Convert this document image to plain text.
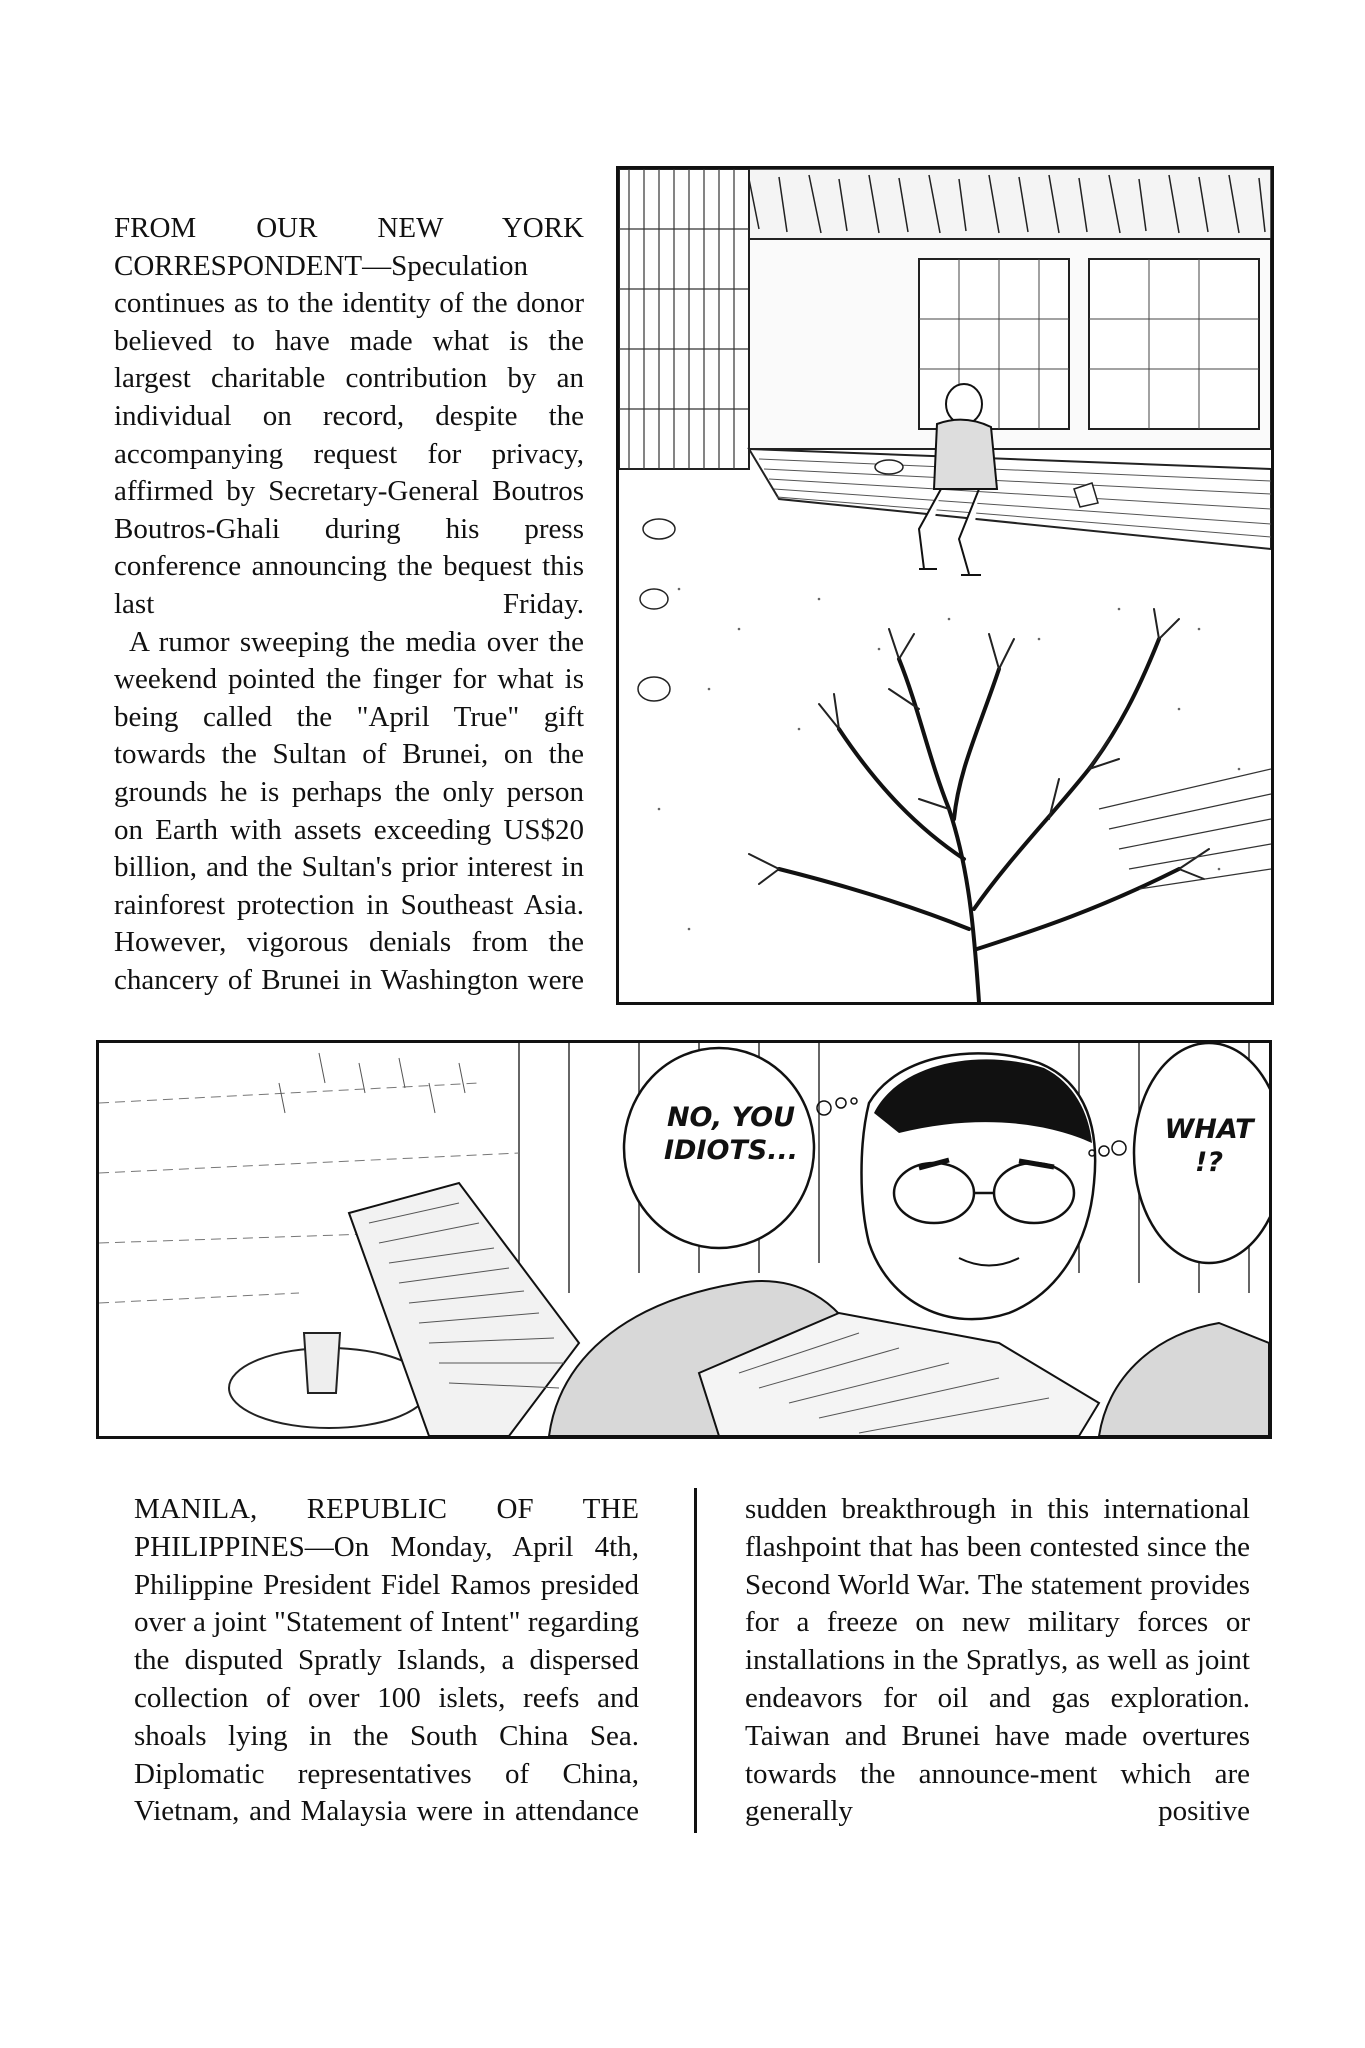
FROM OUR NEW YORK CORRESPONDENT—Speculation continues as to the identity of the donor believed to have made what is the largest charitable contribution by an individual on record, despite the accompanying request for privacy, affirmed by Secretary-General Boutros Boutros-Ghali during his press conference announcing the bequest this last Friday.

A rumor sweeping the media over the weekend pointed the finger for what is being called the "April True" gift towards the Sultan of Brunei, on the grounds he is perhaps the only person on Earth with assets exceeding US$20 billion, and the Sultan's prior interest in rainforest protection in Southeast Asia. However, vigorous denials from the chancery of Brunei in Washington were

NO, YOU IDIOTS...
WHAT !?

MANILA, REPUBLIC OF THE PHILIPPINES—On Monday, April 4th, Philippine President Fidel Ramos presided over a joint "Statement of Intent" regarding the disputed Spratly Islands, a dispersed collection of over 100 islets, reefs and shoals lying in the South China Sea. Diplomatic representatives of China, Vietnam, and Malaysia were in attendance

sudden breakthrough in this international flashpoint that has been contested since the Second World War. The statement provides for a freeze on new military forces or installations in the Spratlys, as well as joint endeavors for oil and gas exploration. Taiwan and Brunei have made overtures towards the announce-ment which are generally positive
